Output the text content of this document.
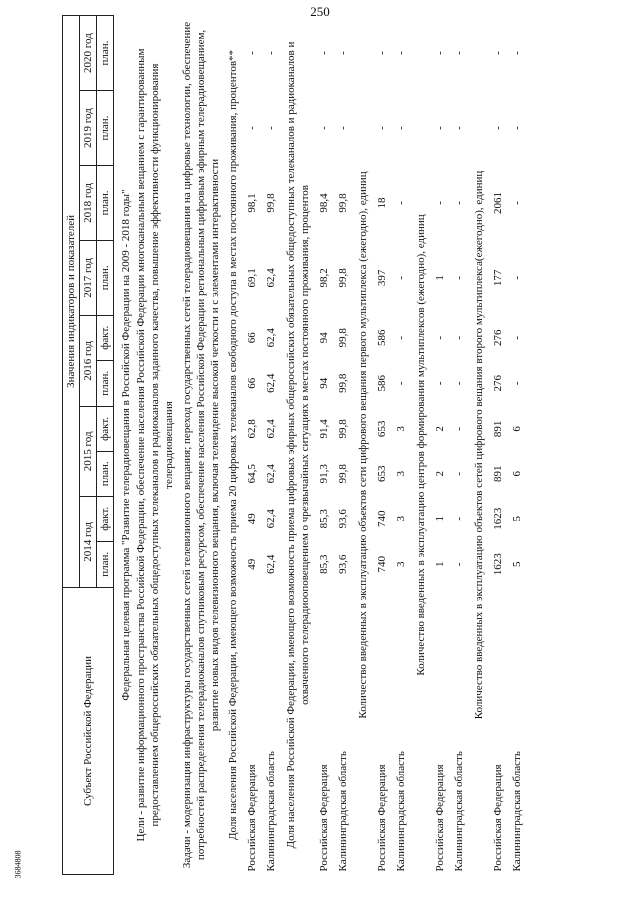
250
3684808
Субъект Российской Федерации	Значения индикаторов и показателей									
	2014 год		2015 год		2016 год		2017 год	2018 год	2019 год	2020 год
	план.	факт.	план.	факт.	план.	факт.	план.	план.	план.	план.
Федеральная целевая программа "Развитие телерадиовещания в Российской Федерации на 2009 - 2018 годы"										
Цели - развитие информационного пространства Российской Федерации, обеспечение населения Российской Федерации многоканальным вещанием с гарантированным предоставлением общероссийских обязательных общедоступных телеканалов и радиоканалов заданного качества, повышение эффективности функционирования телерадиовещания										
Задачи - модернизация инфраструктуры государственных сетей телевизионного вещания; переход государственных сетей телерадиовещания на цифровые технологии, обеспечение потребностей распределения телерадиоканалов спутниковым ресурсом, обеспечение населения Российской Федерации региональным цифровым эфирным телерадиовещанием, развитие новых видов телевизионного вещания, включая телевидение высокой четкости и с элементами интерактивности										
Доля населения Российской Федерации, имеющего возможность приема 20 цифровых телеканалов свободного доступа в местах постоянного проживания, процентов**										
Российская Федерация	49	49	64,5	62,8	66	66	69,1	98,1	-	-
Калининградская область	62,4	62,4	62,4	62,4	62,4	62,4	62,4	99,8	-	-
Доля населения Российской Федерации, имеющего возможность приема цифровых эфирных общероссийских обязательных общедоступных телеканалов и радиоканалов и охваченного телерадиооповещением о чрезвычайных ситуациях в местах постоянного проживания, процентов										
Российская Федерация	85,3	85,3	91,3	91,4	94	94	98,2	98,4	-	-
Калининградская область	93,6	93,6	99,8	99,8	99,8	99,8	99,8	99,8	-	-
Количество введенных в эксплуатацию объектов сети цифрового вещания первого мультиплекса (ежегодно), единиц										
Российская Федерация	740	740	653	653	586	586	397	18	-	-
Калининградская область	3	3	3	3	-	-	-	-	-	-
Количество введенных в эксплуатацию центров формирования мультиплексов (ежегодно), единиц										
Российская Федерация	1	1	2	2	-	-	1	-	-	-
Калининградская область	-	-	-	-	-	-	-	-	-	-
Количество введенных в эксплуатацию объектов сетей цифрового вещания второго мультиплекса(ежегодно), единиц										
Российская Федерация	1623	1623	891	891	276	276	177	2061	-	-
Калининградская область	5	5	6	6	-	-	-	-	-	-
